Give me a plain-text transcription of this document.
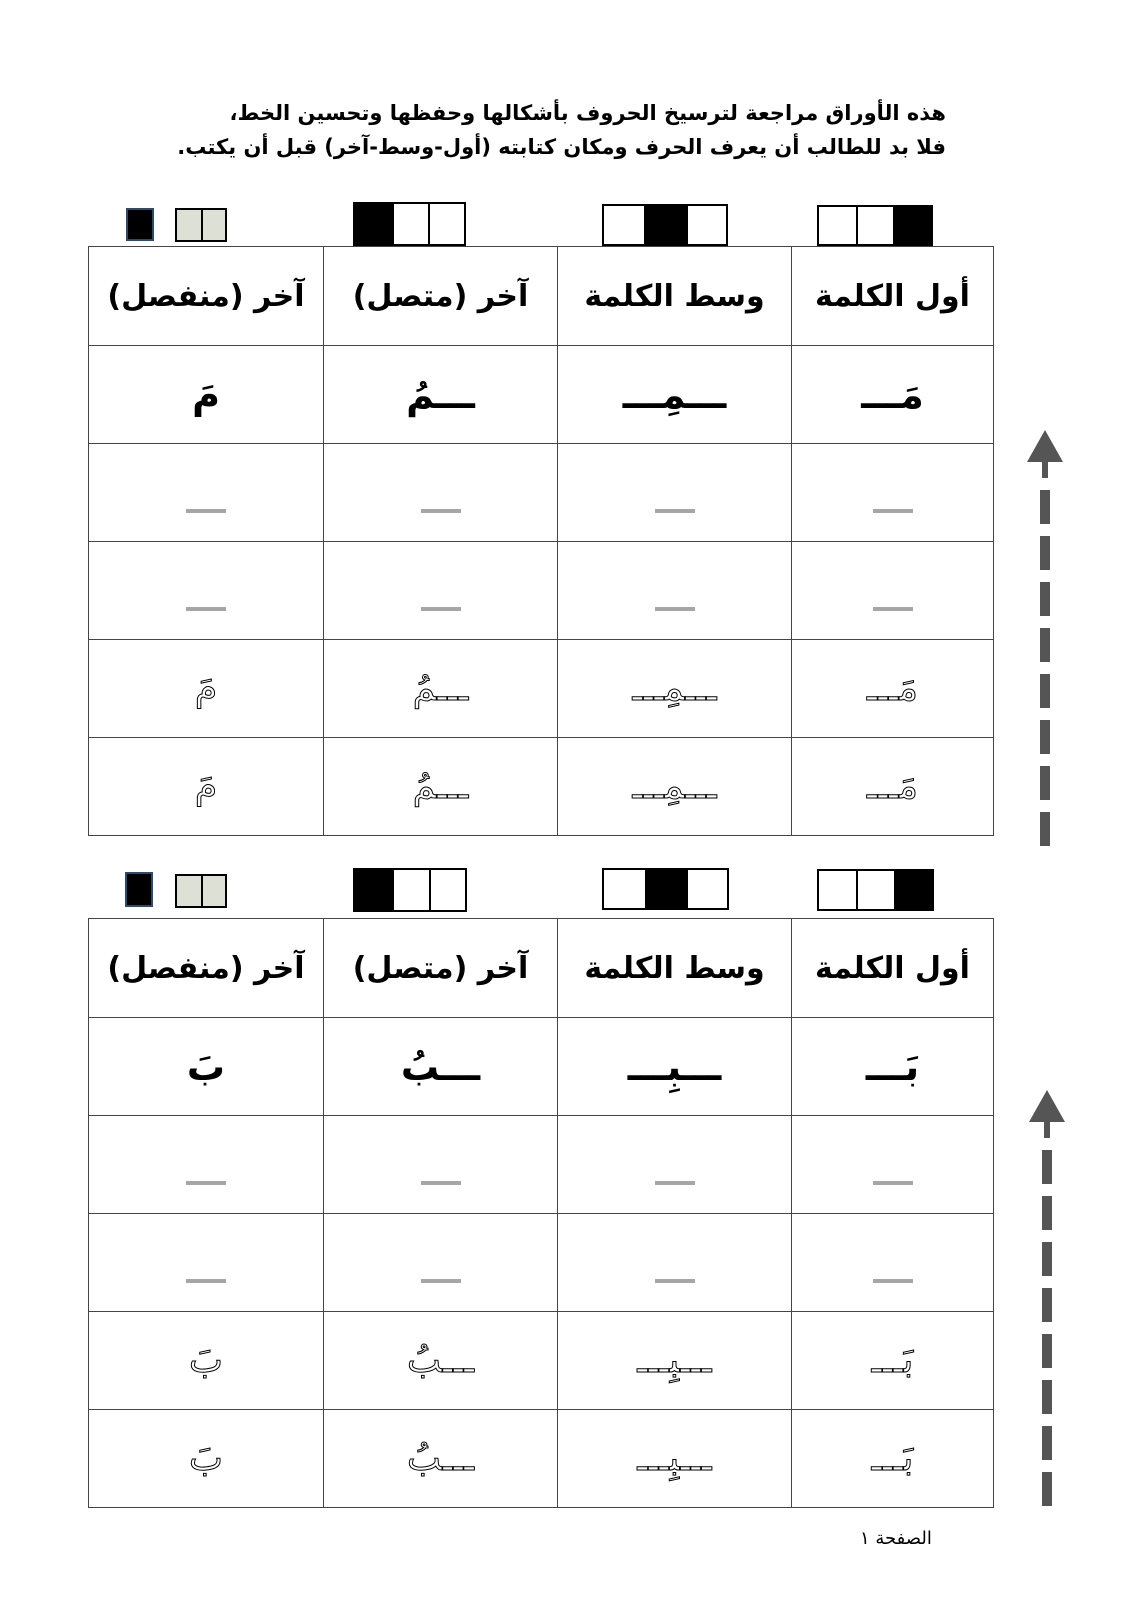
هذه الأوراق مراجعة لترسيخ الحروف بأشكالها وحفظها وتحسين الخط،
فلا بد للطالب أن يعرف الحرف ومكان كتابته (أول-وسط-آخر) قبل أن يكتب.
أول الكلمة	وسط الكلمة	آخر (متصل)	آخر (منفصل)
مَـــ	ـــمِـــ	ـــمُ	مَ

مَـــ	ـــمِـــ	ـــمُ	مَ
مَـــ	ـــمِـــ	ـــمُ	مَ
أول الكلمة	وسط الكلمة	آخر (متصل)	آخر (منفصل)
بَـــ	ـــبِـــ	ـــبُ	بَ

بَـــ	ـــبِـــ	ـــبُ	بَ
بَـــ	ـــبِـــ	ـــبُ	بَ
الصفحة ١
